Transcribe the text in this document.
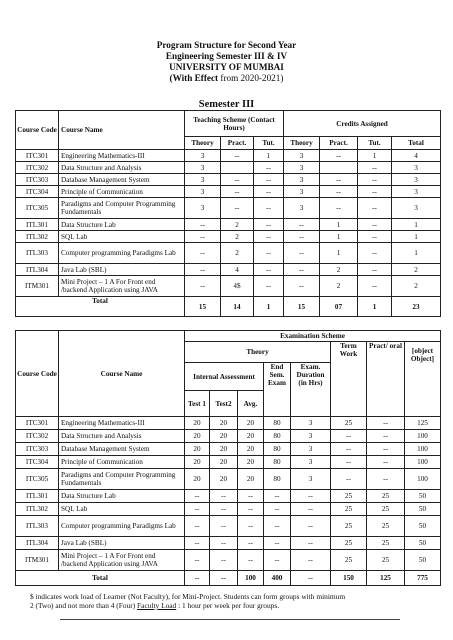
Program Structure for Second Year
Engineering Semester III & IV
UNIVERSITY OF MUMBAI
(With Effect from 2020-2021)
Semester III
Course Code	Course Name	Teaching Scheme (Contact Hours)			Credits Assigned			
		Theory	Pract.	Tut.	Theory	Pract.	Tut.	Total
ITC301	Engineering Mathematics-III	3	--	1	3	--	1	4
ITC302	Data Structure and Analysis	3		--	3		--	3
ITC303	Database Management System	3	--	--	3	--	--	3
ITC304	Principle of Communication	3	--	--	3	--	--	3
ITC305	Paradigms and Computer Programming Fundamentals	3	--	--	3	--	--	3
ITL301	Data Structure Lab	--	2	--	--	1	--	1
ITL302	SQL Lab	--	2	--	--	1	--	1
ITL303	Computer programming Paradigms Lab	--	2	--	--	1	--	1
ITL304	Java Lab (SBL)	--	4	--	--	2	--	2
ITM301	Mini Project – 1 A For Front end /backend Application using JAVA	--	4$	--	--	2	--	2
Total		15	14	1	15	07	1	23
Course Code	Course Name	Examination Scheme							
		Theory					Term Work	Pract/ oral	[object Object]
		Internal Assessment			End Sem. Exam	Exam. Duration (in Hrs)			
		Test 1	Test2	Avg.					
ITC301	Engineering Mathematics-III	20	20	20	80	3	25	--	125
ITC302	Data Structure and Analysis	20	20	20	80	3	--	--	100
ITC303	Database Management System	20	20	20	80	3	--	--	100
ITC304	Principle of Communication	20	20	20	80	3	--	--	100
ITC305	Paradigms and Computer Programming Fundamentals	20	20	20	80	3	--	--	100
ITL301	Data Structure Lab	--	--	--	--	--	25	25	50
ITL302	SQL Lab	--	--	--	--	--	25	25	50
ITL303	Computer programming Paradigms Lab	--	--	--	--	--	25	25	50
ITL304	Java Lab (SBL)	--	--	--	--	--	25	25	50
ITM301	Mini Project – 1 A For Front end /backend Application using JAVA	--	--	--	--	--	25	25	50
Total		--	--	100	400	--	150	125	775
$ indicates work load of Learner (Not Faculty), for Mini-Project. Students can form groups with minimum
2 (Two) and not more than 4 (Four) Faculty Load : 1 hour per week per four groups.
